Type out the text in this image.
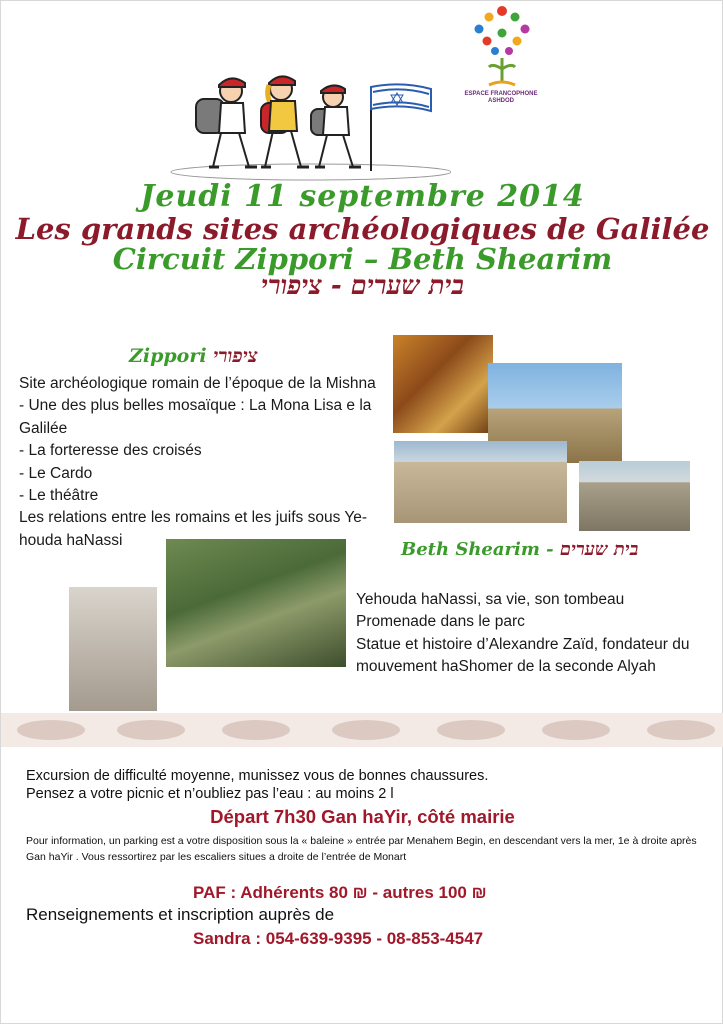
ESPACE FRANCOPHONE
ASHDOD
Jeudi 11 septembre 2014
Les grands sites archéologiques de Galilée
Circuit Zippori – Beth Shearim
בית שערים - ציפורי
Zippori ציפורי
Site archéologique romain de l’époque de la Mishna
- Une des plus belles mosaïque : La Mona Lisa e la Galilée
- La forteresse des croisés
- Le Cardo
- Le théâtre
Les relations entre les romains et les juifs sous Ye-houda haNassi	Beth Shearim - בית שערים
Yehouda haNassi, sa vie, son tombeau
Promenade dans le parc
Statue et histoire d’Alexandre Zaïd, fondateur du mouvement haShomer de la seconde Alyah
Excursion de difficulté moyenne, munissez vous de bonnes chaussures.
Pensez a votre picnic et n’oubliez pas l’eau : au moins 2 l
Départ 7h30 Gan haYir, côté mairie
Pour information, un parking est a votre disposition sous la « baleine » entrée par Menahem Begin, en descendant vers la mer, 1e à droite après Gan haYir . Vous ressortirez par les escaliers situes a droite de l’entrée de Monart
PAF : Adhérents 80 ₪ - autres 100 ₪
Renseignements et inscription auprès de
Sandra : 054-639-9395 - 08-853-4547
